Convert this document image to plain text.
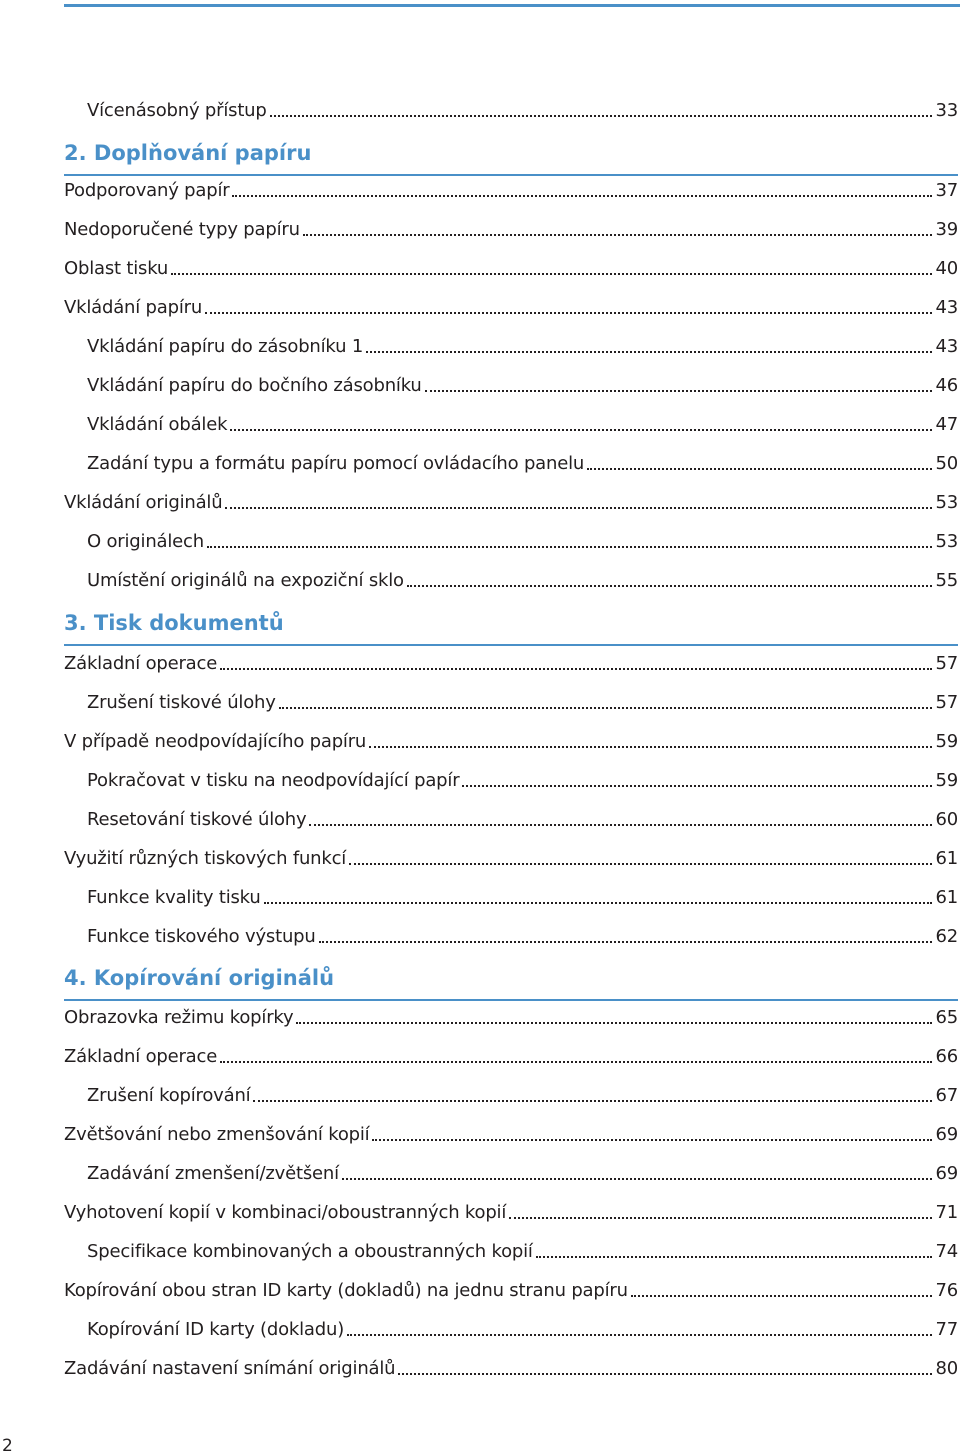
Vícenásobný přístup	33
2. Doplňování papíru
Podporovaný papír	37
Nedoporučené typy papíru	39
Oblast tisku	40
Vkládání papíru	43
Vkládání papíru do zásobníku 1	43
Vkládání papíru do bočního zásobníku	46
Vkládání obálek	47
Zadání typu a formátu papíru pomocí ovládacího panelu	50
Vkládání originálů	53
O originálech	53
Umístění originálů na expoziční sklo	55
3. Tisk dokumentů
Základní operace	57
Zrušení tiskové úlohy	57
V případě neodpovídajícího papíru	59
Pokračovat v tisku na neodpovídající papír	59
Resetování tiskové úlohy	60
Využití různých tiskových funkcí	61
Funkce kvality tisku	61
Funkce tiskového výstupu	62
4. Kopírování originálů
Obrazovka režimu kopírky	65
Základní operace	66
Zrušení kopírování	67
Zvětšování nebo zmenšování kopií	69
Zadávání zmenšení/zvětšení	69
Vyhotovení kopií v kombinaci/oboustranných kopií	71
Specifikace kombinovaných a oboustranných kopií	74
Kopírování obou stran ID karty (dokladů) na jednu stranu papíru	76
Kopírování ID karty (dokladu)	77
Zadávání nastavení snímání originálů	80
2
